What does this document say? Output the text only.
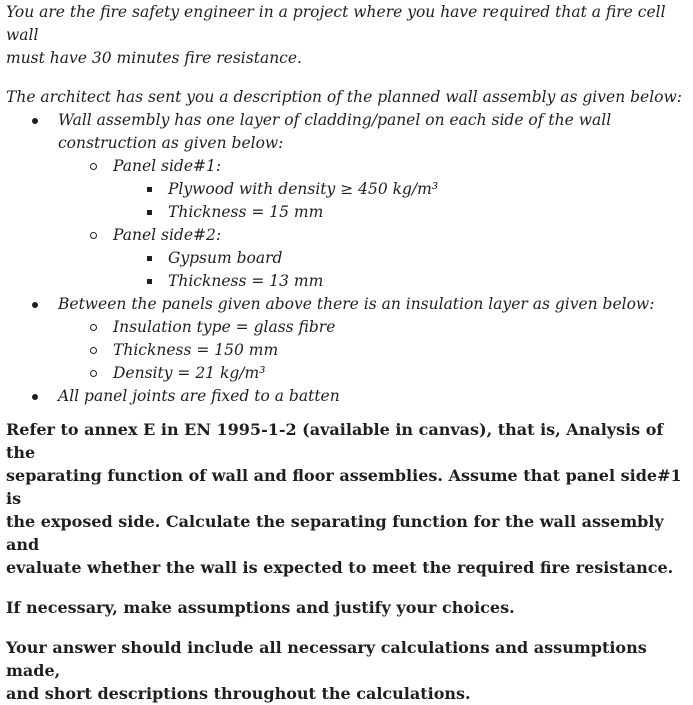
You are the fire safety engineer in a project where you have required that a fire cell wall

must have 30 minutes fire resistance.

The architect has sent you a description of the planned wall assembly as given below:

Wall assembly has one layer of cladding/panel on each side of the wall

construction as given below:

Panel side#1:

Plywood with density ≥ 450 kg/m³

Thickness = 15 mm

Panel side#2:

Gypsum board

Thickness = 13 mm

Between the panels given above there is an insulation layer as given below:

Insulation type = glass fibre

Thickness = 150 mm

Density = 21 kg/m³

All panel joints are fixed to a batten

Refer to annex E in EN 1995-1-2 (available in canvas), that is, Analysis of the

separating function of wall and floor assemblies. Assume that panel side#1 is

the exposed side. Calculate the separating function for the wall assembly and

evaluate whether the wall is expected to meet the required fire resistance.

If necessary, make assumptions and justify your choices.

Your answer should include all necessary calculations and assumptions made,

and short descriptions throughout the calculations.
